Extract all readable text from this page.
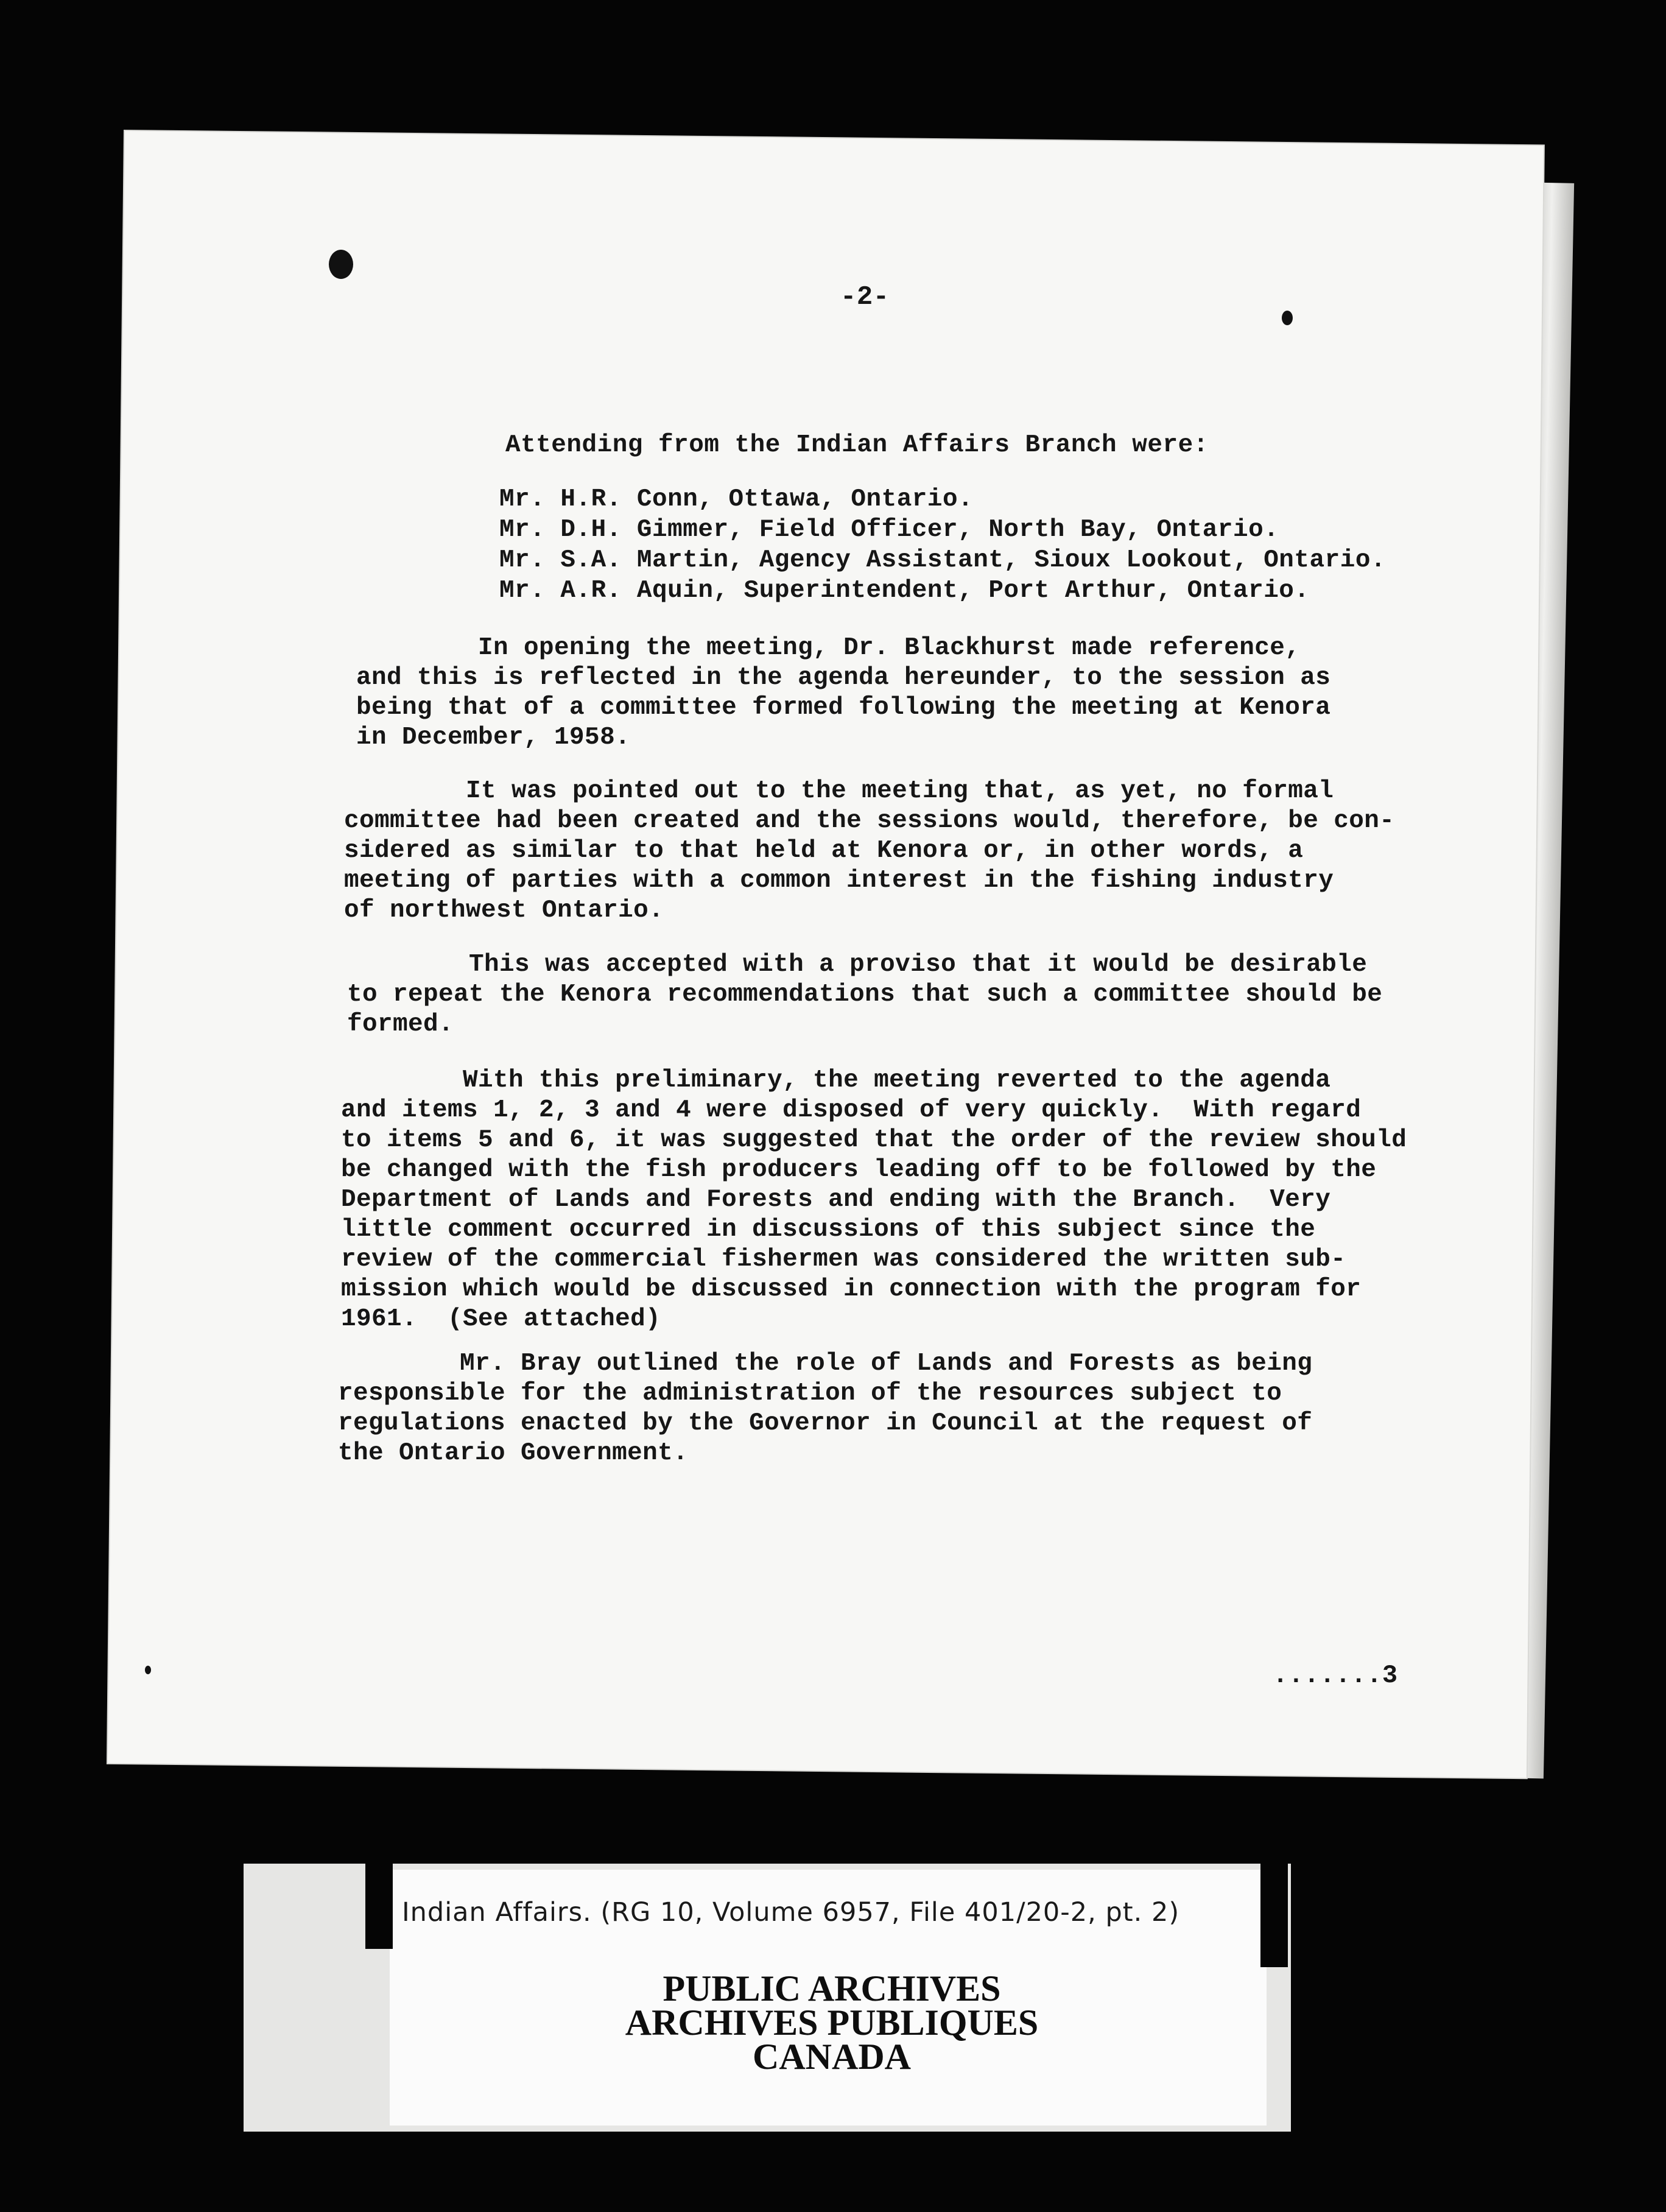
-2-
Attending from the Indian Affairs Branch were:
Mr. H.R. Conn, Ottawa, Ontario.
Mr. D.H. Gimmer, Field Officer, North Bay, Ontario.
Mr. S.A. Martin, Agency Assistant, Sioux Lookout, Ontario.
Mr. A.R. Aquin, Superintendent, Port Arthur, Ontario.
In opening the meeting, Dr. Blackhurst made reference,
and this is reflected in the agenda hereunder, to the session as
being that of a committee formed following the meeting at Kenora
in December, 1958.
It was pointed out to the meeting that, as yet, no formal
committee had been created and the sessions would, therefore, be con-
sidered as similar to that held at Kenora or, in other words, a
meeting of parties with a common interest in the fishing industry
of northwest Ontario.
This was accepted with a proviso that it would be desirable
to repeat the Kenora recommendations that such a committee should be
formed.
With this preliminary, the meeting reverted to the agenda
and items 1, 2, 3 and 4 were disposed of very quickly.  With regard
to items 5 and 6, it was suggested that the order of the review should
be changed with the fish producers leading off to be followed by the
Department of Lands and Forests and ending with the Branch.  Very
little comment occurred in discussions of this subject since the
review of the commercial fishermen was considered the written sub-
mission which would be discussed in connection with the program for
1961.  (See attached)
Mr. Bray outlined the role of Lands and Forests as being
responsible for the administration of the resources subject to
regulations enacted by the Governor in Council at the request of
the Ontario Government.
.......3
Indian Affairs. (RG 10, Volume 6957, File 401/20-2, pt. 2)
PUBLIC ARCHIVES
ARCHIVES PUBLIQUES
CANADA
